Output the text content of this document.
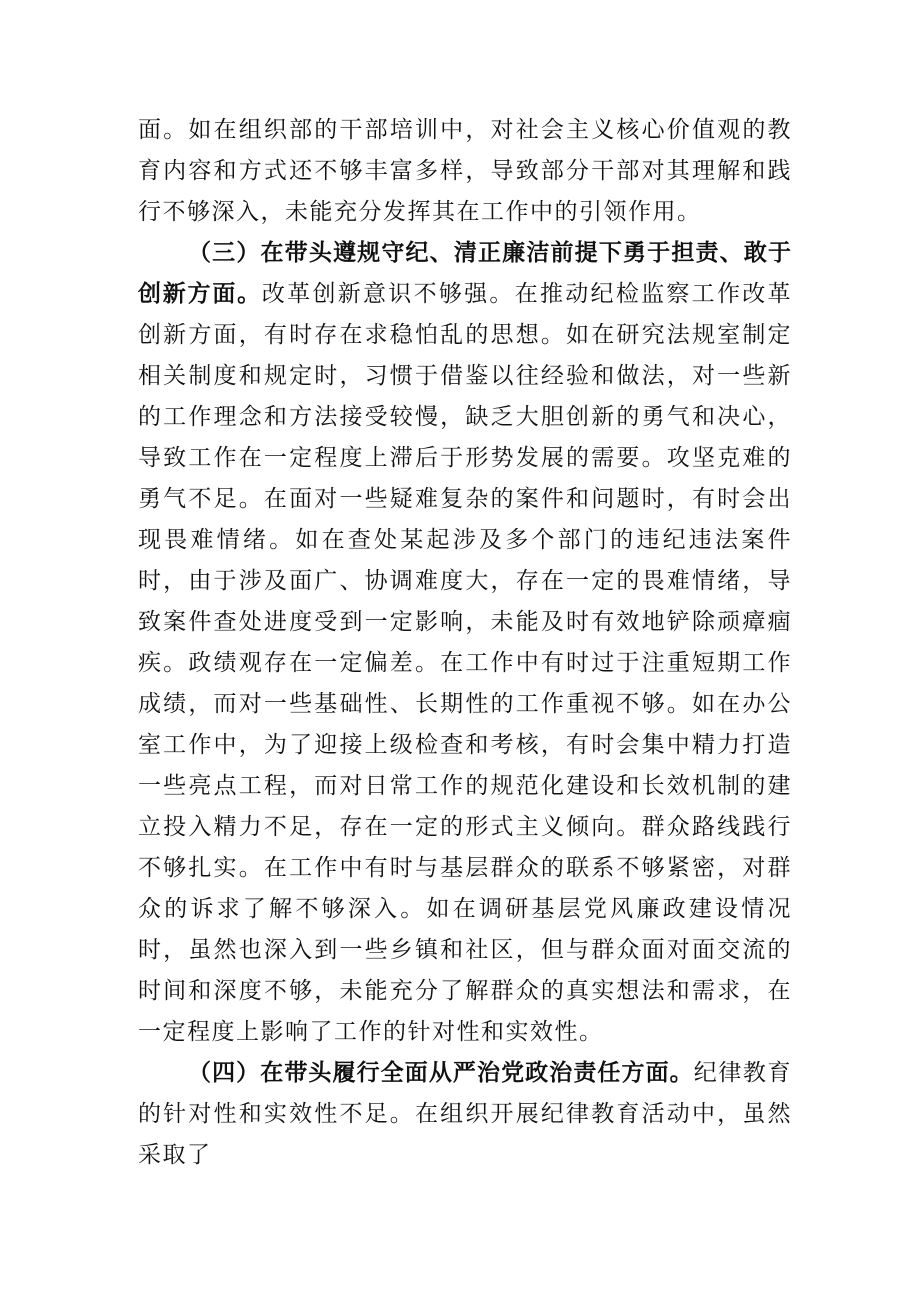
面。如在组织部的干部培训中，对社会主义核心价值观的教育内容和方式还不够丰富多样，导致部分干部对其理解和践行不够深入，未能充分发挥其在工作中的引领作用。

（三）在带头遵规守纪、清正廉洁前提下勇于担责、敢于创新方面。改革创新意识不够强。在推动纪检监察工作改革创新方面，有时存在求稳怕乱的思想。如在研究法规室制定相关制度和规定时，习惯于借鉴以往经验和做法，对一些新的工作理念和方法接受较慢，缺乏大胆创新的勇气和决心，导致工作在一定程度上滞后于形势发展的需要。攻坚克难的勇气不足。在面对一些疑难复杂的案件和问题时，有时会出现畏难情绪。如在查处某起涉及多个部门的违纪违法案件时，由于涉及面广、协调难度大，存在一定的畏难情绪，导致案件查处进度受到一定影响，未能及时有效地铲除顽瘴痼疾。政绩观存在一定偏差。在工作中有时过于注重短期工作成绩，而对一些基础性、长期性的工作重视不够。如在办公室工作中，为了迎接上级检查和考核，有时会集中精力打造一些亮点工程，而对日常工作的规范化建设和长效机制的建立投入精力不足，存在一定的形式主义倾向。群众路线践行不够扎实。在工作中有时与基层群众的联系不够紧密，对群众的诉求了解不够深入。如在调研基层党风廉政建设情况时，虽然也深入到一些乡镇和社区，但与群众面对面交流的时间和深度不够，未能充分了解群众的真实想法和需求，在一定程度上影响了工作的针对性和实效性。

（四）在带头履行全面从严治党政治责任方面。纪律教育的针对性和实效性不足。在组织开展纪律教育活动中，虽然采取了
